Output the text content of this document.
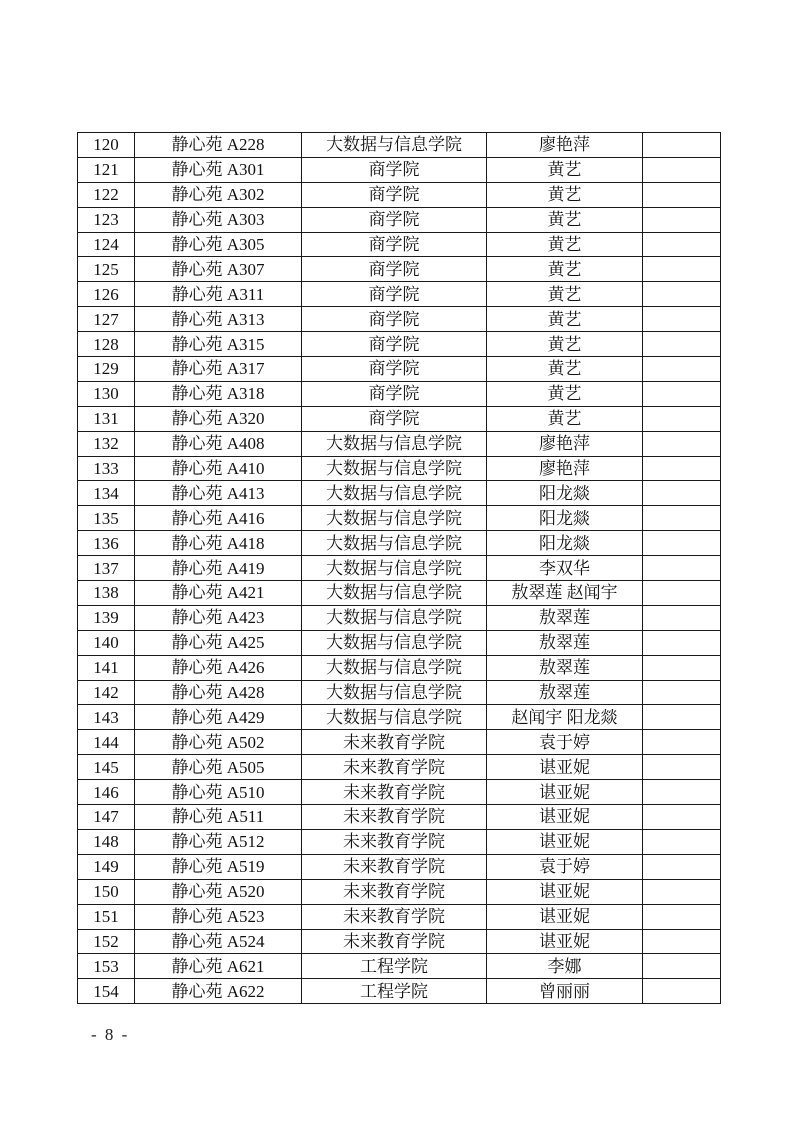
120	静心苑 A228	大数据与信息学院	廖艳萍	
121	静心苑 A301	商学院	黄艺	
122	静心苑 A302	商学院	黄艺	
123	静心苑 A303	商学院	黄艺	
124	静心苑 A305	商学院	黄艺	
125	静心苑 A307	商学院	黄艺	
126	静心苑 A311	商学院	黄艺	
127	静心苑 A313	商学院	黄艺	
128	静心苑 A315	商学院	黄艺	
129	静心苑 A317	商学院	黄艺	
130	静心苑 A318	商学院	黄艺	
131	静心苑 A320	商学院	黄艺	
132	静心苑 A408	大数据与信息学院	廖艳萍	
133	静心苑 A410	大数据与信息学院	廖艳萍	
134	静心苑 A413	大数据与信息学院	阳龙燚	
135	静心苑 A416	大数据与信息学院	阳龙燚	
136	静心苑 A418	大数据与信息学院	阳龙燚	
137	静心苑 A419	大数据与信息学院	李双华	
138	静心苑 A421	大数据与信息学院	敖翠莲 赵闻宇	
139	静心苑 A423	大数据与信息学院	敖翠莲	
140	静心苑 A425	大数据与信息学院	敖翠莲	
141	静心苑 A426	大数据与信息学院	敖翠莲	
142	静心苑 A428	大数据与信息学院	敖翠莲	
143	静心苑 A429	大数据与信息学院	赵闻宇 阳龙燚	
144	静心苑 A502	未来教育学院	袁于婷	
145	静心苑 A505	未来教育学院	谌亚妮	
146	静心苑 A510	未来教育学院	谌亚妮	
147	静心苑 A511	未来教育学院	谌亚妮	
148	静心苑 A512	未来教育学院	谌亚妮	
149	静心苑 A519	未来教育学院	袁于婷	
150	静心苑 A520	未来教育学院	谌亚妮	
151	静心苑 A523	未来教育学院	谌亚妮	
152	静心苑 A524	未来教育学院	谌亚妮	
153	静心苑 A621	工程学院	李娜	
154	静心苑 A622	工程学院	曾丽丽	
- 8 -
